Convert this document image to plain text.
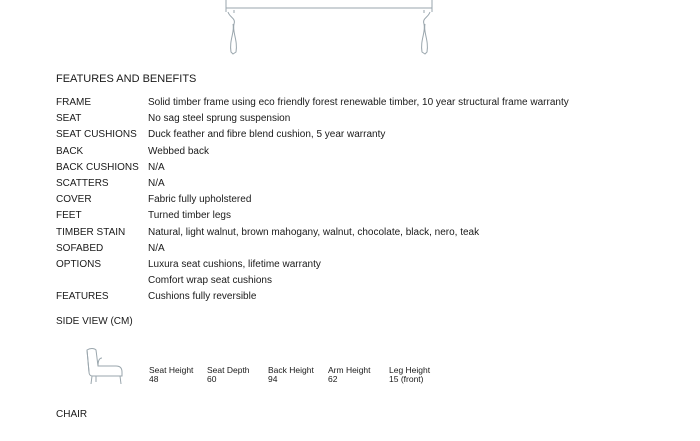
FEATURES AND BENEFITS
FRAME	Solid timber frame using eco friendly forest renewable timber, 10 year structural frame warranty
SEAT	No sag steel sprung suspension
SEAT CUSHIONS Duck feather and fibre blend cushion, 5 year warranty
BACK	Webbed back
BACK CUSHIONS N/A
SCATTERS	N/A
COVER	Fabric fully upholstered
FEET	Turned timber legs
TIMBER STAIN Natural, light walnut, brown mahogany, walnut, chocolate, black, nero, teak
SOFABED	N/A
OPTIONS	Luxura seat cushions, lifetime warranty
Comfort wrap seat cushions
FEATURES	Cushions fully reversible
SIDE VIEW (CM)
Seat Height
48
Seat Depth
60
Back Height
94
Arm Height
62
Leg Height
15 (front)
CHAIR
